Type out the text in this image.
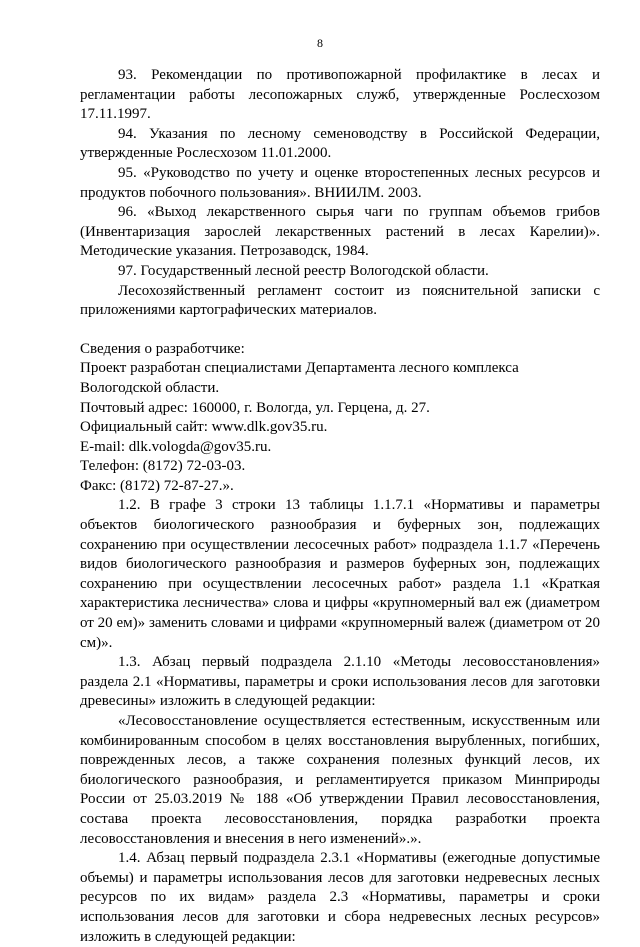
8

93. Рекомендации по противопожарной профилактике в лесах и регламентации работы лесопожарных служб, утвержденные Рослесхозом 17.11.1997.

94. Указания по лесному семеноводству в Российской Федерации, утвержденные Рослесхозом 11.01.2000.

95. «Руководство по учету и оценке второстепенных лесных ресурсов и продуктов побочного пользования». ВНИИЛМ. 2003.

96. «Выход лекарственного сырья чаги по группам объемов грибов (Инвентаризация зарослей лекарственных растений в лесах Карелии)». Методические указания. Петрозаводск, 1984.

97. Государственный лесной реестр Вологодской области.

Лесохозяйственный регламент состоит из пояснительной записки с приложениями картографических материалов.

Сведения о разработчике:

Проект разработан специалистами Департамента лесного комплекса Вологодской области.

Почтовый адрес: 160000, г. Вологда, ул. Герцена, д. 27.

Официальный сайт: www.dlk.gov35.ru.

E-mail: dlk.vologda@gov35.ru.

Телефон: (8172) 72-03-03.

Факс: (8172) 72-87-27.».

1.2. В графе 3 строки 13 таблицы 1.1.7.1 «Нормативы и параметры объектов биологического разнообразия и буферных зон, подлежащих сохранению при осуществлении лесосечных работ» подраздела 1.1.7 «Перечень видов биологического разнообразия и размеров буферных зон, подлежащих сохранению при осуществлении лесосечных работ» раздела 1.1 «Краткая характеристика лесничества» слова и цифры «крупномерный вал еж (диаметром от 20 ем)» заменить словами и цифрами «крупномерный валеж (диаметром от 20 см)».

1.3. Абзац первый подраздела 2.1.10 «Методы лесовосстановления» раздела 2.1 «Нормативы, параметры и сроки использования лесов для заготовки древесины» изложить в следующей редакции:

«Лесовосстановление осуществляется естественным, искусственным или комбинированным способом в целях восстановления вырубленных, погибших, поврежденных лесов, а также сохранения полезных функций лесов, их биологического разнообразия, и регламентируется приказом Минприроды России от 25.03.2019 № 188 «Об утверждении Правил лесовосстановления, состава проекта лесовосстановления, порядка разработки проекта лесовосстановления и внесения в него изменений».».

1.4. Абзац первый подраздела 2.3.1 «Нормативы (ежегодные допустимые объемы) и параметры использования лесов для заготовки недревесных лесных ресурсов по их видам» раздела 2.3 «Нормативы, параметры и сроки использования лесов для заготовки и сбора недревесных лесных ресурсов» изложить в следующей редакции:
